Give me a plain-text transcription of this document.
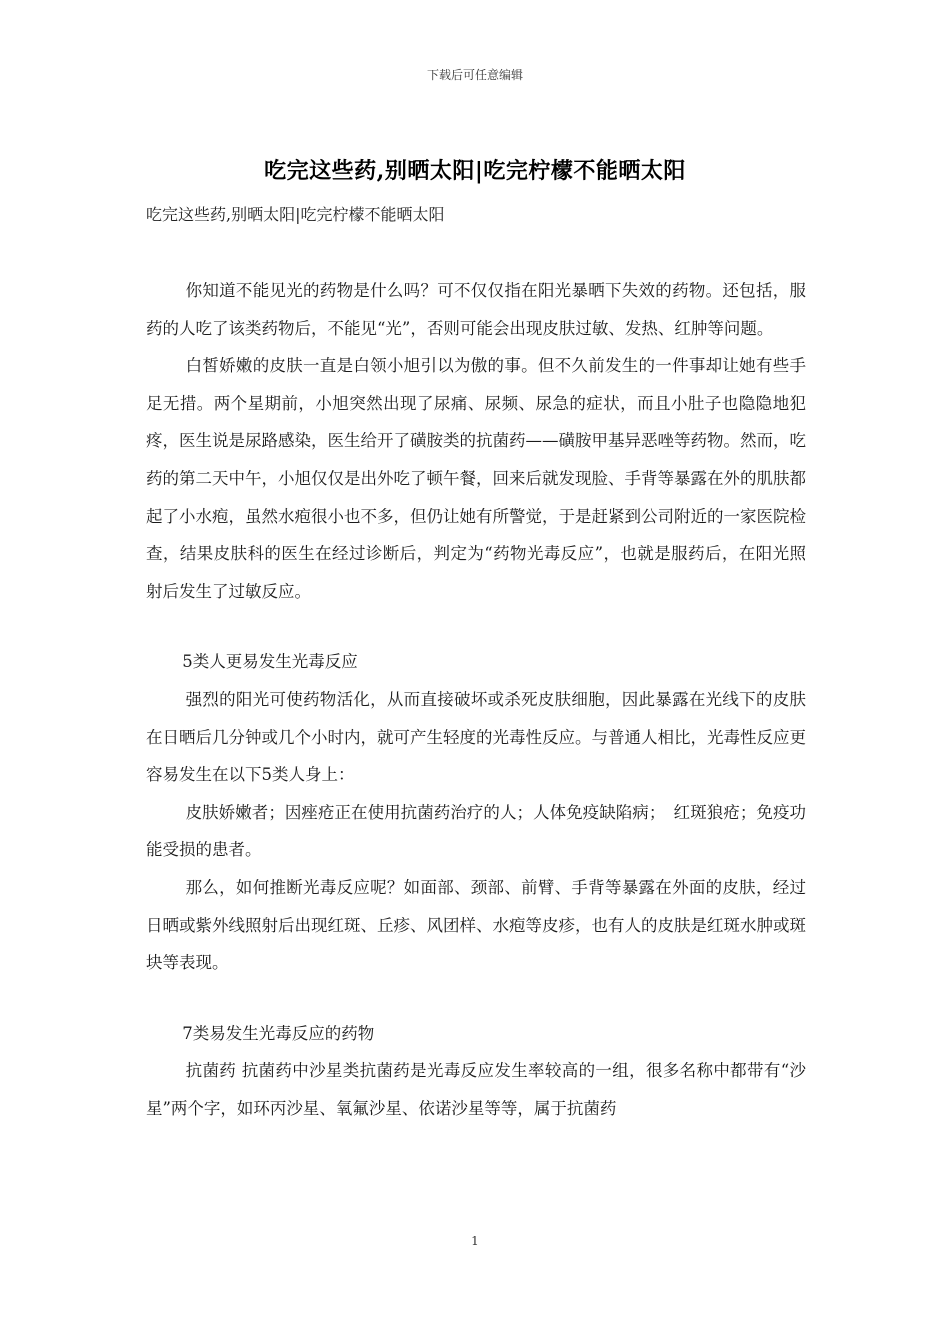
下载后可任意编辑
吃完这些药,别晒太阳|吃完柠檬不能晒太阳
吃完这些药,别晒太阳|吃完柠檬不能晒太阳

你知道不能见光的药物是什么吗？可不仅仅指在阳光暴晒下失效的药物。还包括，服药的人吃了该类药物后，不能见“光”，否则可能会出现皮肤过敏、发热、红肿等问题。

白皙娇嫩的皮肤一直是白领小旭引以为傲的事。但不久前发生的一件事却让她有些手足无措。两个星期前，小旭突然出现了尿痛、尿频、尿急的症状，而且小肚子也隐隐地犯疼，医生说是尿路感染，医生给开了磺胺类的抗菌药——磺胺甲基异恶唑等药物。然而，吃药的第二天中午，小旭仅仅是出外吃了顿午餐，回来后就发现脸、手背等暴露在外的肌肤都起了小水疱，虽然水疱很小也不多，但仍让她有所警觉，于是赶紧到公司附近的一家医院检查，结果皮肤科的医生在经过诊断后，判定为“药物光毒反应”，也就是服药后，在阳光照射后发生了过敏反应。

5类人更易发生光毒反应

强烈的阳光可使药物活化，从而直接破坏或杀死皮肤细胞，因此暴露在光线下的皮肤在日晒后几分钟或几个小时内，就可产生轻度的光毒性反应。与普通人相比，光毒性反应更容易发生在以下5类人身上：

皮肤娇嫩者；因痤疮正在使用抗菌药治疗的人；人体免疫缺陷病；　红斑狼疮；免疫功能受损的患者。

那么，如何推断光毒反应呢？如面部、颈部、前臂、手背等暴露在外面的皮肤，经过日晒或紫外线照射后出现红斑、丘疹、风团样、水疱等皮疹，也有人的皮肤是红斑水肿或斑块等表现。

7类易发生光毒反应的药物

抗菌药 抗菌药中沙星类抗菌药是光毒反应发生率较高的一组，很多名称中都带有“沙星”两个字，如环丙沙星、氧氟沙星、依诺沙星等等，属于抗菌药

1
